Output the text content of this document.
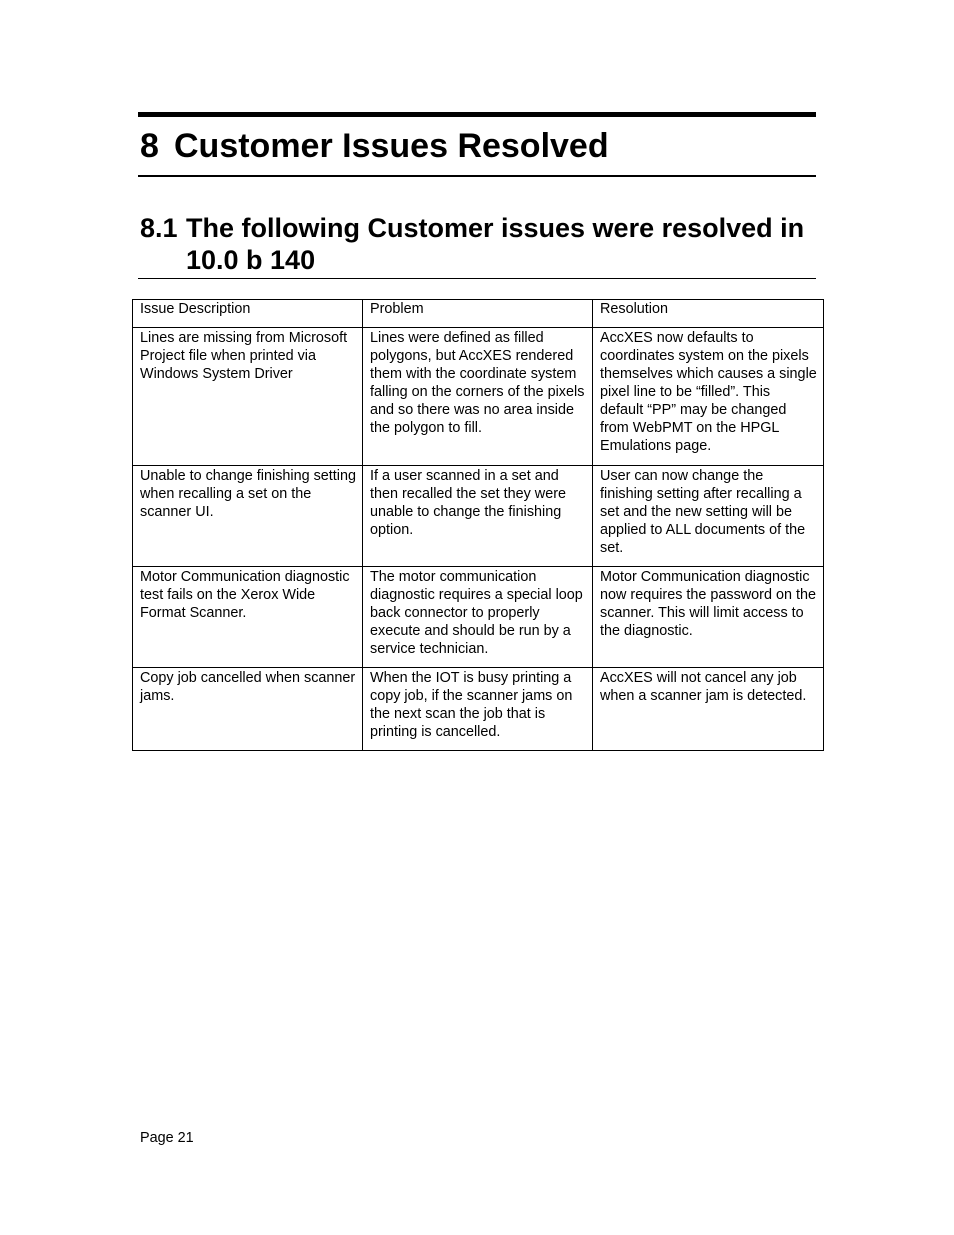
8 Customer Issues Resolved
8.1 The following Customer issues were resolved in 10.0 b 140
Issue Description	Problem	Resolution
Lines are missing from Microsoft Project file when printed via Windows System Driver	Lines were defined as filled polygons, but AccXES rendered them with the coordinate system falling on the corners of the pixels and so there was no area inside the polygon to fill.	AccXES now defaults to coordinates system on the pixels themselves which causes a single pixel line to be “filled”. This default “PP” may be changed from WebPMT on the HPGL Emulations page.
Unable to change finishing setting when recalling a set on the scanner UI.	If a user scanned in a set and then recalled the set they were unable to change the finishing option.	User can now change the finishing setting after recalling a set and the new setting will be applied to ALL documents of the set.
Motor Communication diagnostic test fails on the Xerox Wide Format Scanner.	The motor communication diagnostic requires a special loop back connector to properly execute and should be run by a service technician.	Motor Communication diagnostic now requires the password on the scanner. This will limit access to the diagnostic.
Copy job cancelled when scanner jams.	When the IOT is busy printing a copy job, if the scanner jams on the next scan the job that is printing is cancelled.	AccXES will not cancel any job when a scanner jam is detected.
Page 21
